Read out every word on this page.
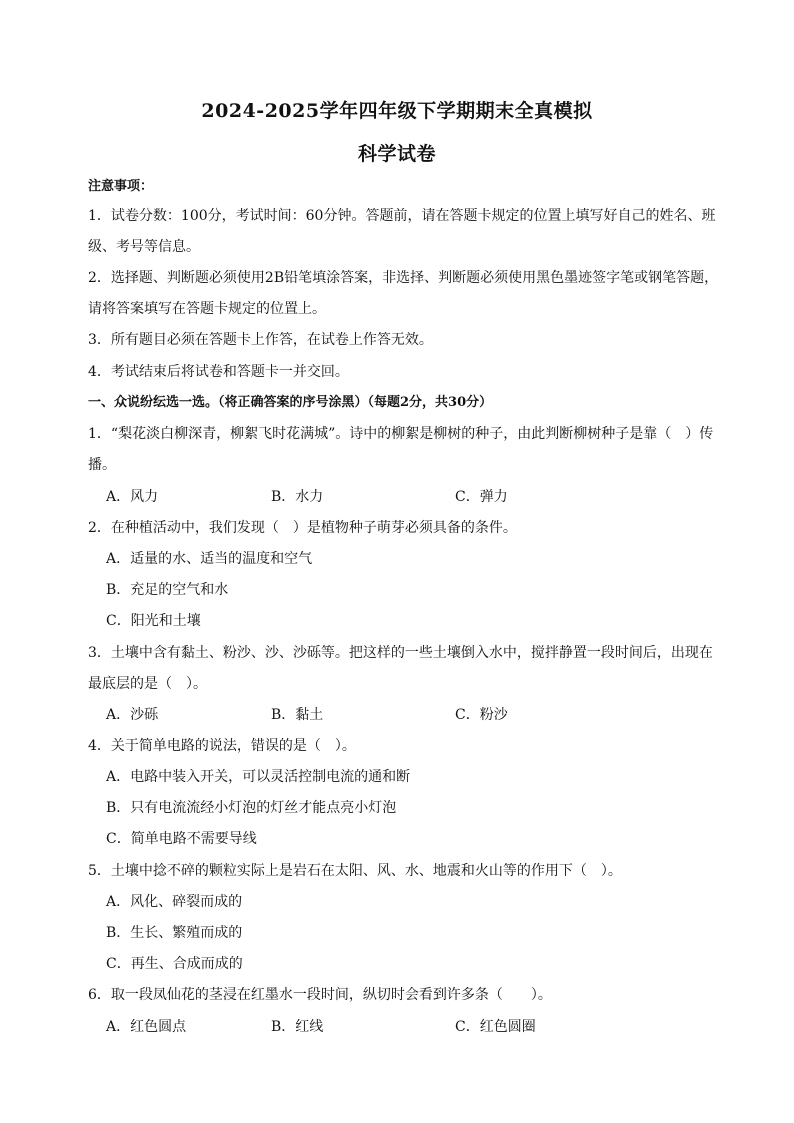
2024-2025学年四年级下学期期末全真模拟
科学试卷
注意事项：
1．试卷分数：100分，考试时间：60分钟。答题前，请在答题卡规定的位置上填写好自己的姓名、班
级、考号等信息。
2．选择题、判断题必须使用2B铅笔填涂答案，非选择、判断题必须使用黑色墨迹签字笔或钢笔答题，
请将答案填写在答题卡规定的位置上。
3．所有题目必须在答题卡上作答，在试卷上作答无效。
4．考试结束后将试卷和答题卡一并交回。
一、众说纷纭选一选。（将正确答案的序号涂黑）（每题2分，共30分）
1．“梨花淡白柳深青，柳絮飞时花满城”。诗中的柳絮是柳树的种子，由此判断柳树种子是靠（　）传
播。
A．风力	B．水力	C．弹力
2．在种植活动中，我们发现（　）是植物种子萌芽必须具备的条件。
A．适量的水、适当的温度和空气
B．充足的空气和水
C．阳光和土壤
3．土壤中含有黏土、粉沙、沙、沙砾等。把这样的一些土壤倒入水中，搅拌静置一段时间后，出现在
最底层的是（　）。
A．沙砾	B．黏土	C．粉沙
4．关于简单电路的说法，错误的是（　）。
A．电路中装入开关，可以灵活控制电流的通和断
B．只有电流流经小灯泡的灯丝才能点亮小灯泡
C．简单电路不需要导线
5．土壤中捻不碎的颗粒实际上是岩石在太阳、风、水、地震和火山等的作用下（　）。
A．风化、碎裂而成的
B．生长、繁殖而成的
C．再生、合成而成的
6．取一段凤仙花的茎浸在红墨水一段时间，纵切时会看到许多条（　　）。
A．红色圆点	B．红线	C．红色圆圈
